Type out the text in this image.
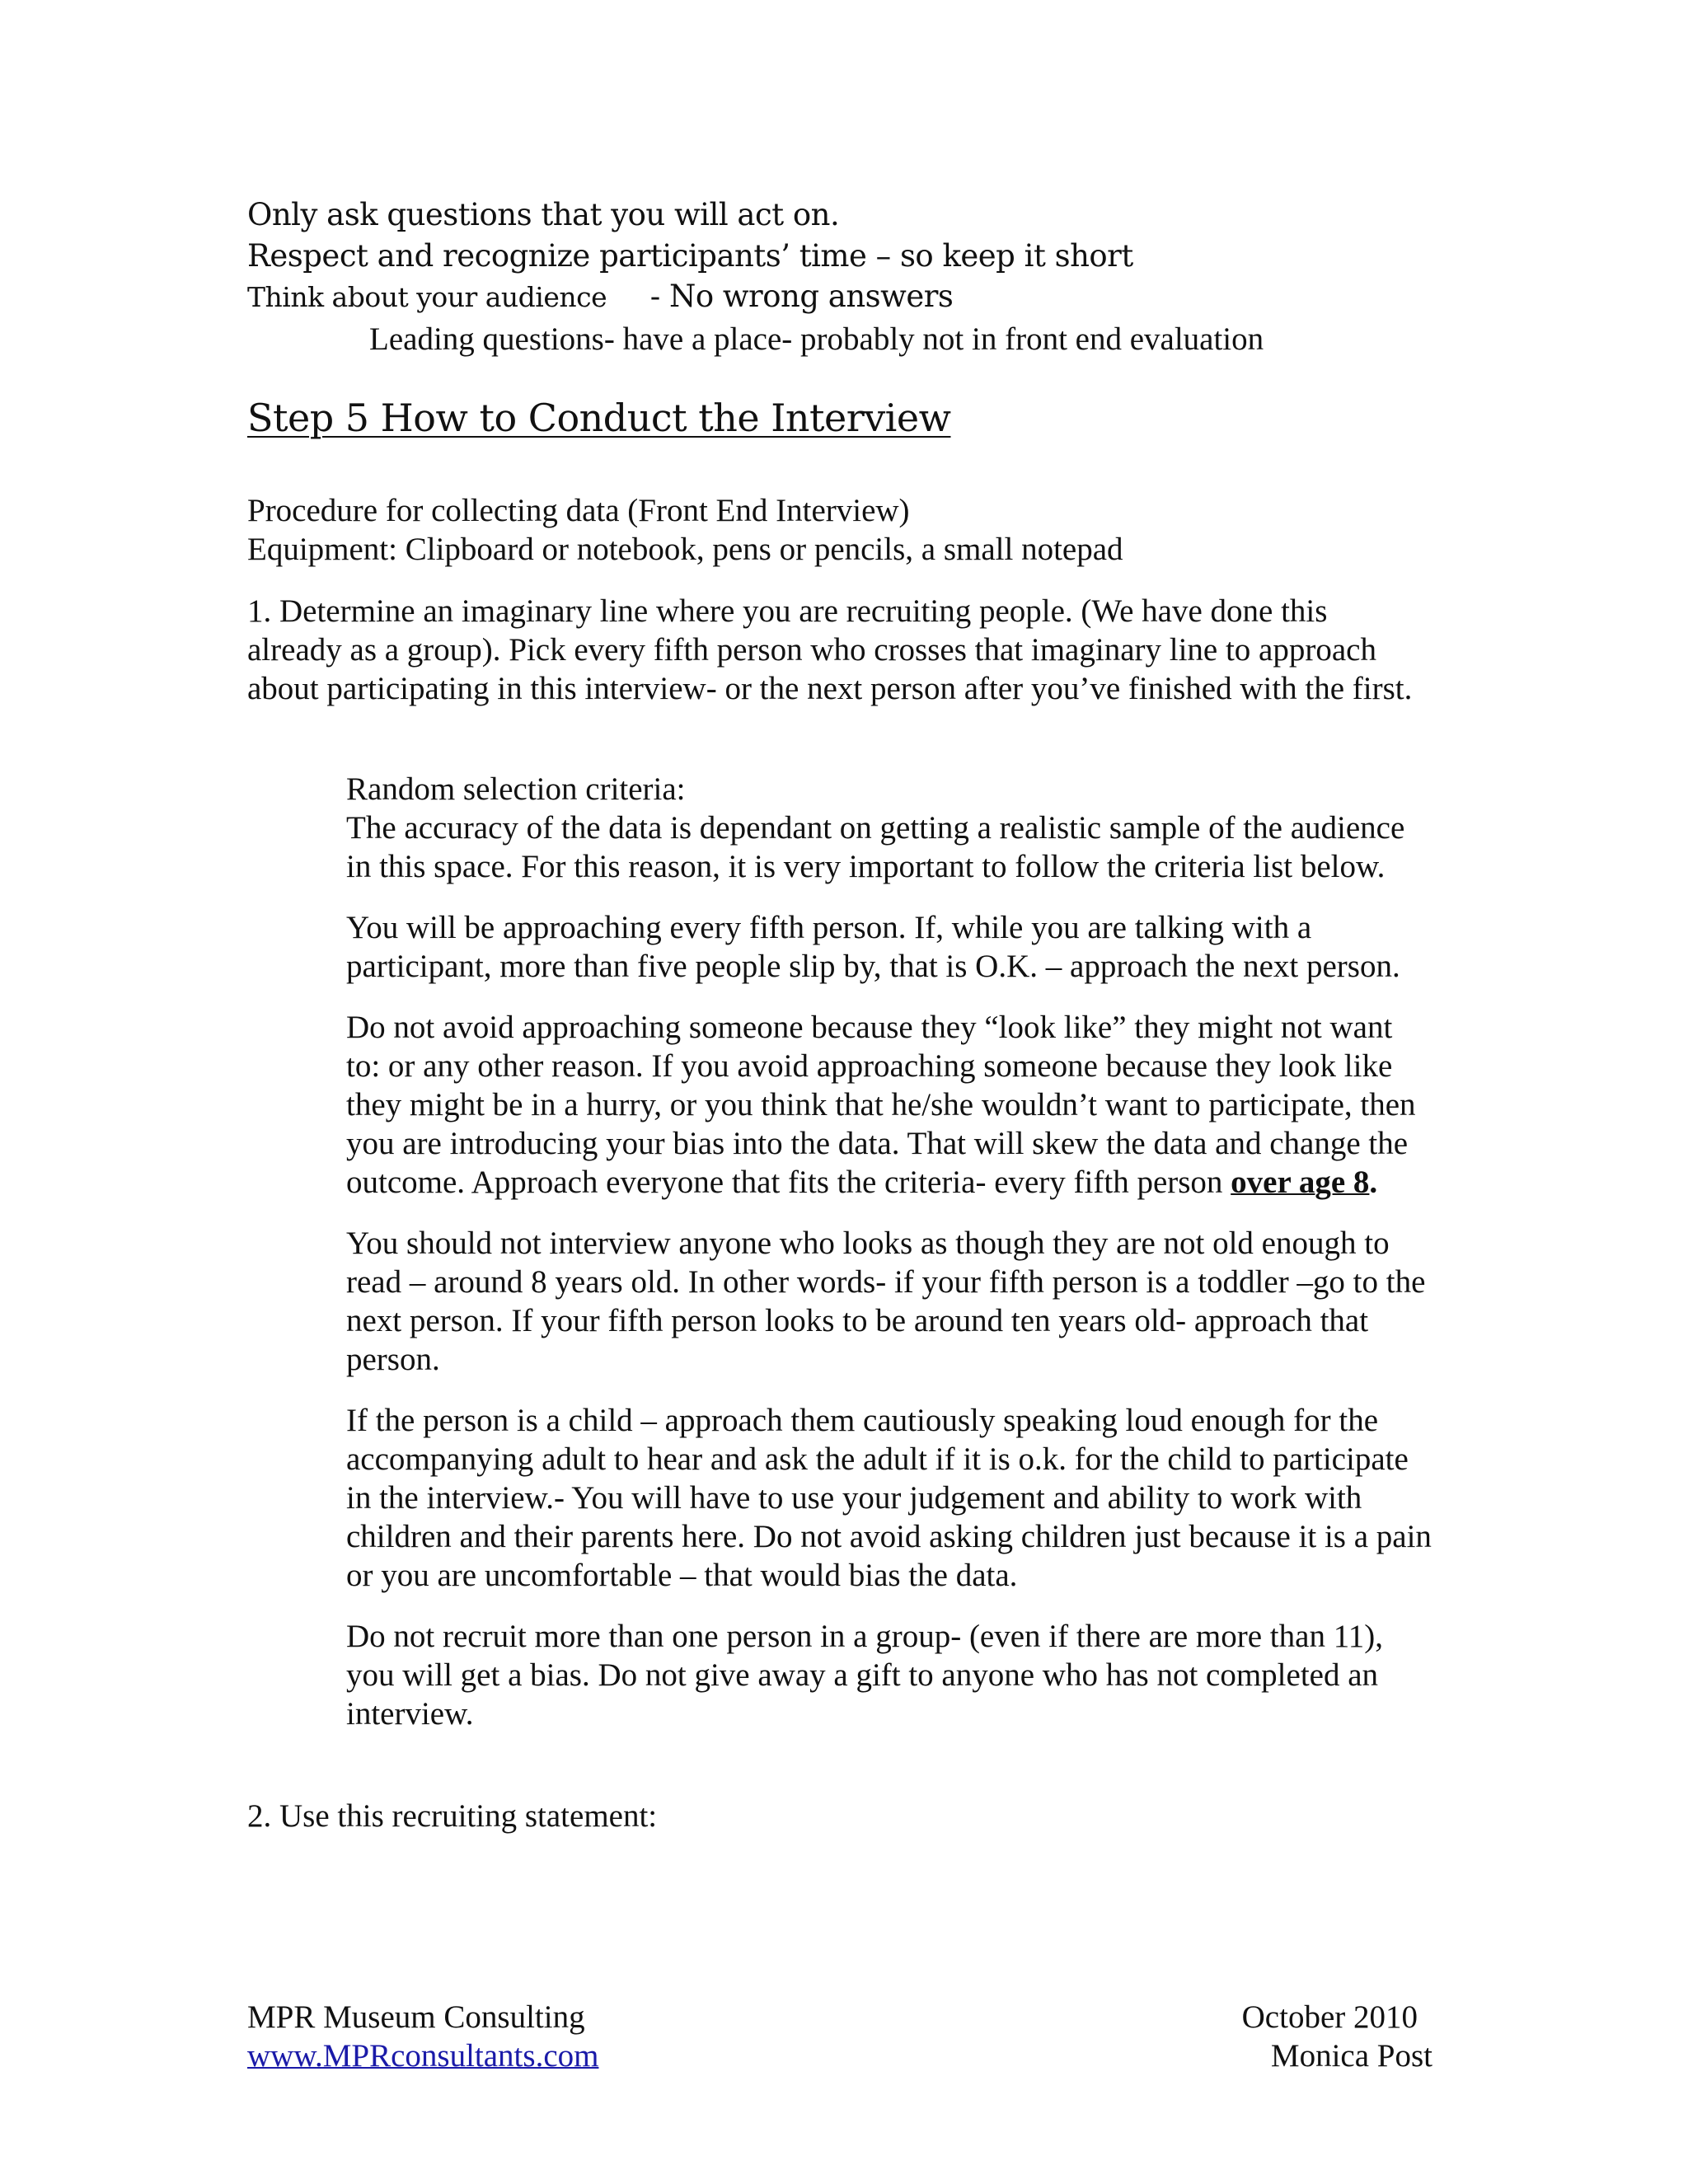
Only ask questions that you will act on.
Respect and recognize participants’ time – so keep it short
Think about your audience - No wrong answers
Leading questions- have a place- probably not in front end evaluation
Step 5 How to Conduct the Interview
Procedure for collecting data (Front End Interview)
Equipment: Clipboard or notebook, pens or pencils, a small notepad

1. Determine an imaginary line where you are recruiting people. (We have done this already as a group). Pick every fifth person who crosses that imaginary line to approach about participating in this interview- or the next person after you’ve finished with the first.

Random selection criteria:

The accuracy of the data is dependant on getting a realistic sample of the audience in this space. For this reason, it is very important to follow the criteria list below.

You will be approaching every fifth person. If, while you are talking with a participant, more than five people slip by, that is O.K. – approach the next person.

Do not avoid approaching someone because they “look like” they might not want to: or any other reason. If you avoid approaching someone because they look like they might be in a hurry, or you think that he/she wouldn’t want to participate, then you are introducing your bias into the data. That will skew the data and change the outcome. Approach everyone that fits the criteria- every fifth person over age 8.

You should not interview anyone who looks as though they are not old enough to read – around 8 years old. In other words- if your fifth person is a toddler –go to the next person. If your fifth person looks to be around ten years old- approach that person.

If the person is a child – approach them cautiously speaking loud enough for the accompanying adult to hear and ask the adult if it is o.k. for the child to participate in the interview.- You will have to use your judgement and ability to work with children and their parents here. Do not avoid asking children just because it is a pain or you are uncomfortable – that would bias the data.

Do not recruit more than one person in a group- (even if there are more than 11), you will get a bias. Do not give away a gift to anyone who has not completed an interview.

2. Use this recruiting statement:
MPR Museum Consulting
www.MPRconsultants.com
October 2010
Monica Post
